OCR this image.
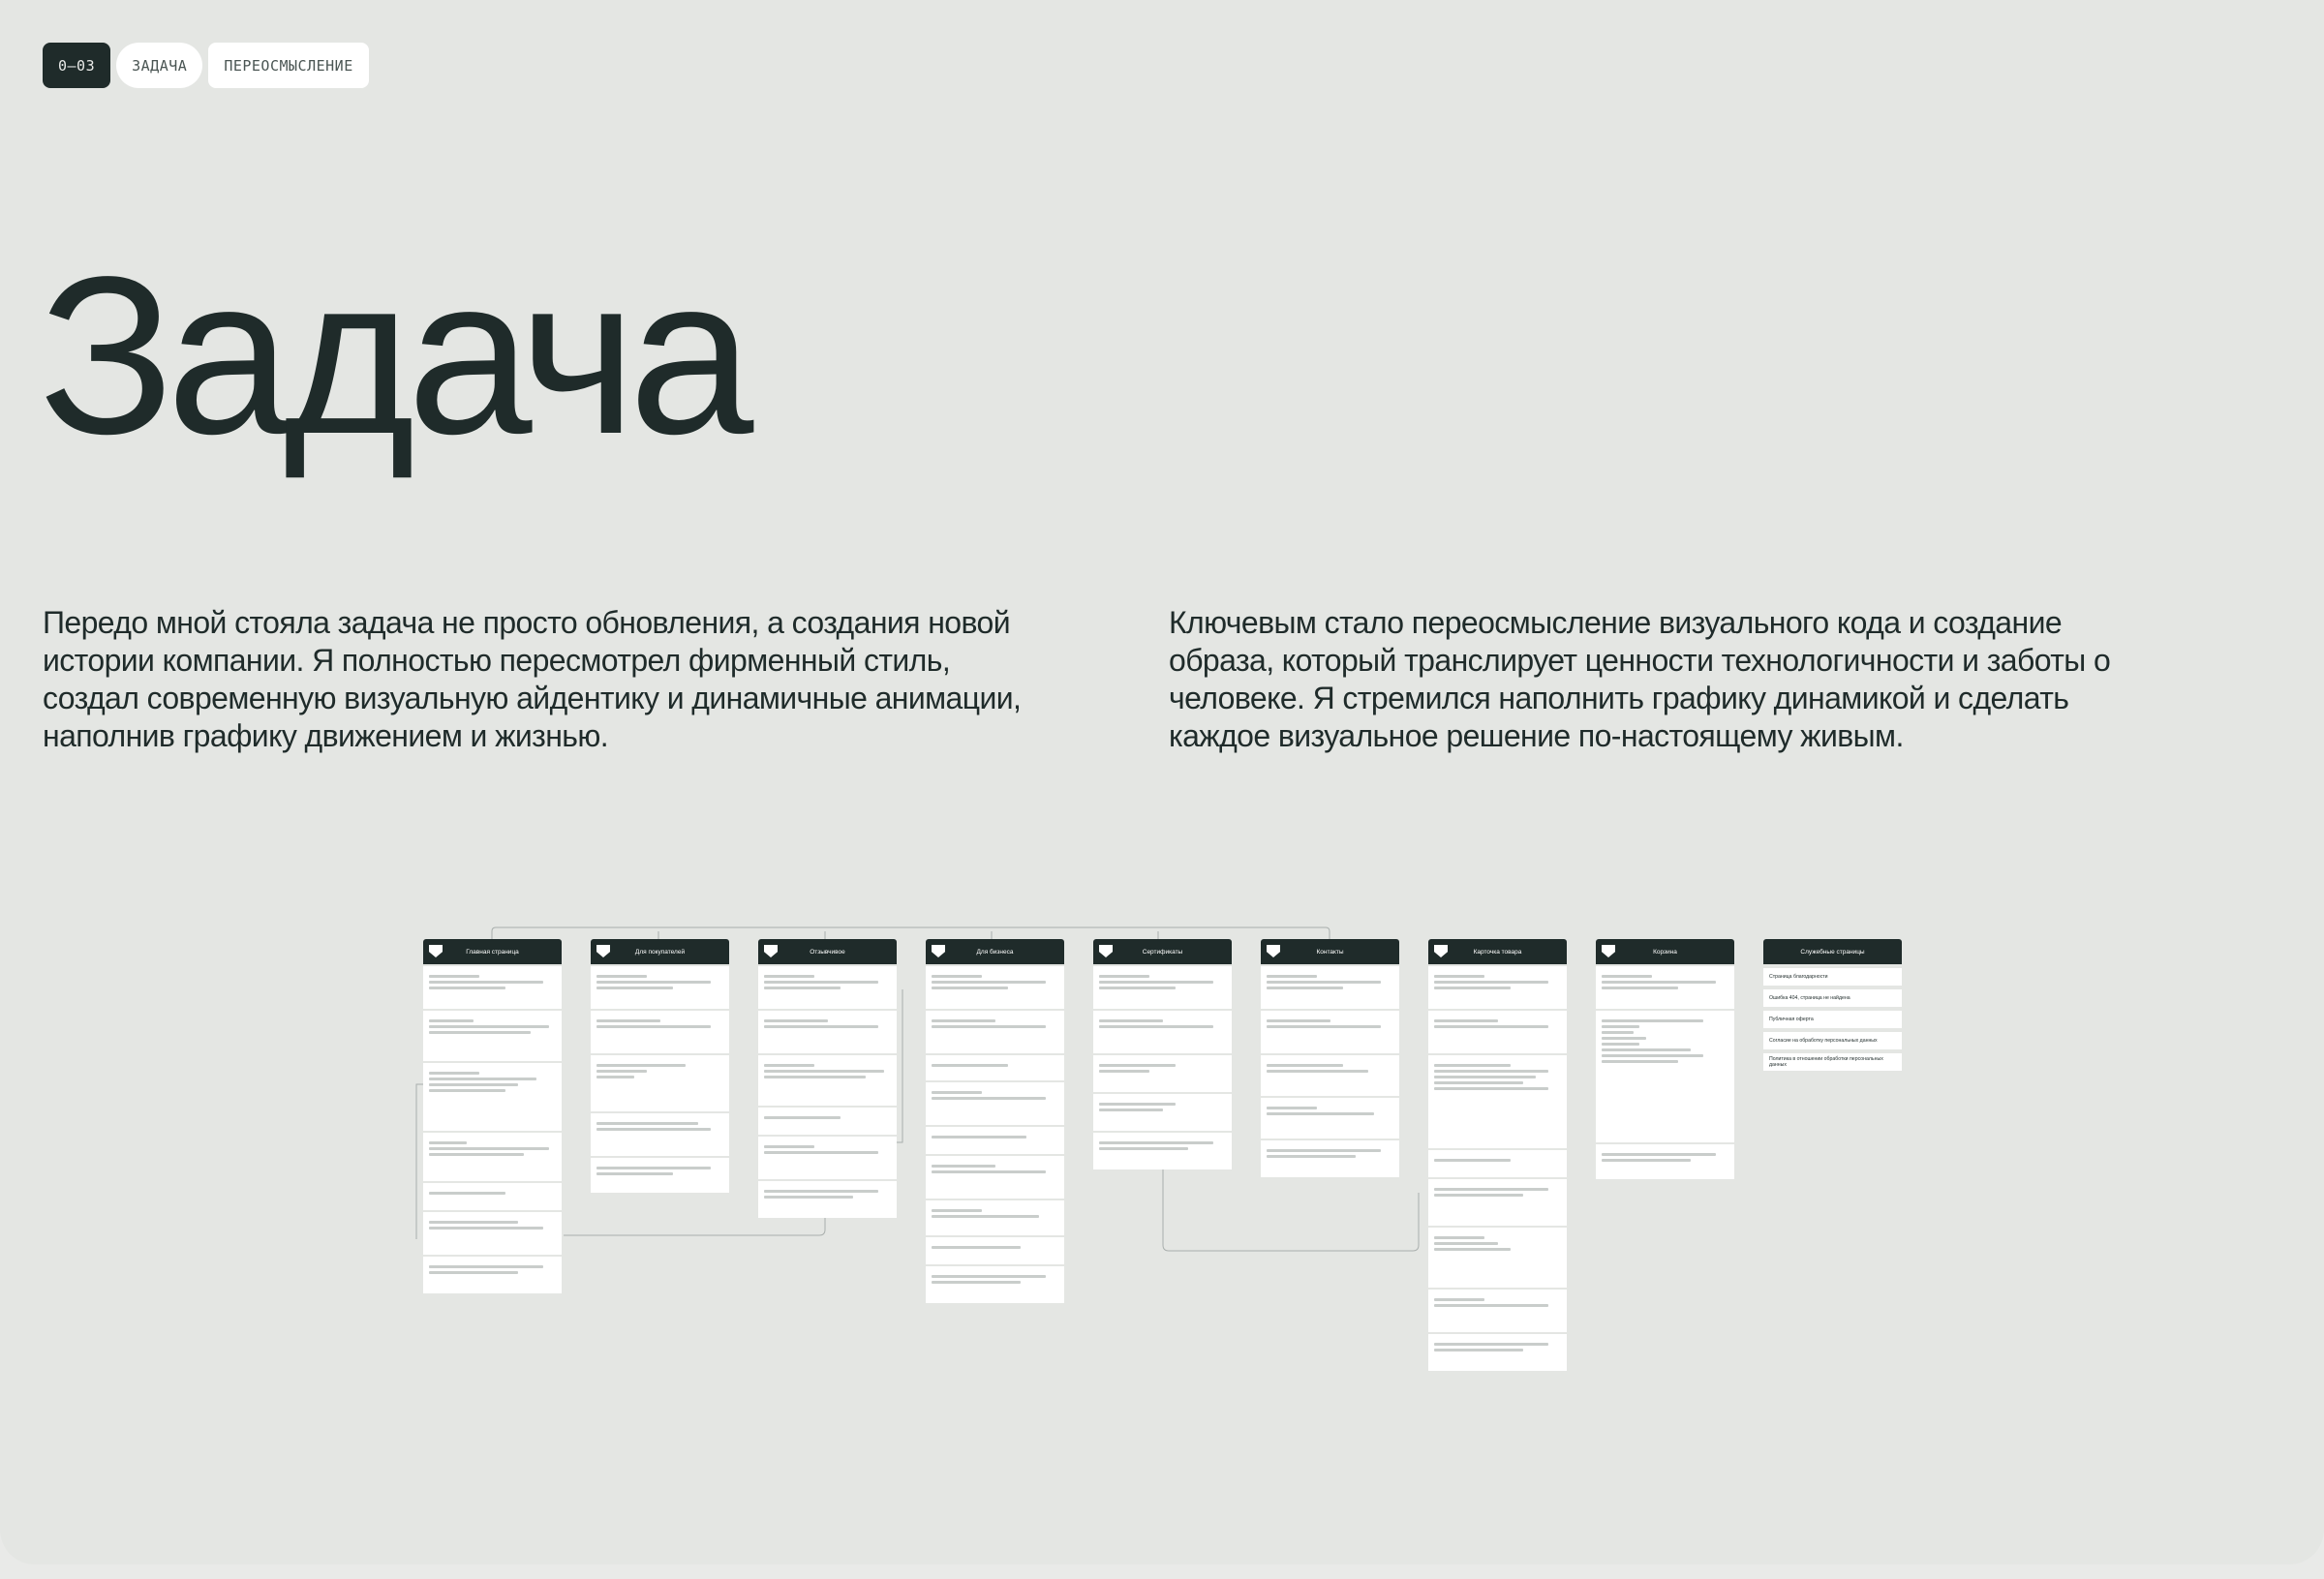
0–03	ЗАДАЧА	ПЕРЕОСМЫСЛЕНИЕ
Задача

Передо мной стояла задача не просто обновления, а создания новой истории компании. Я полностью пересмотрел фирменный стиль, создал современную визуальную айдентику и динамичные анимации, наполнив графику движением и жизнью.

Ключевым стало переосмысление визуального кода и создание образа, который транслирует ценности технологичности и заботы о человеке. Я стремился наполнить графику динамикой и сделать каждое визуальное решение по-настоящему живым.

Главная страница	Для покупателей	Отзывчивое	Для бизнеса	Сертификаты	Контакты	Карточка товара	Корзина	Служебные страницы
Страница благодарности
Ошибка 404, страница не найдена
Публичная оферта
Согласие на обработку персональных данных
Политика в отношении обработки персональных данных
